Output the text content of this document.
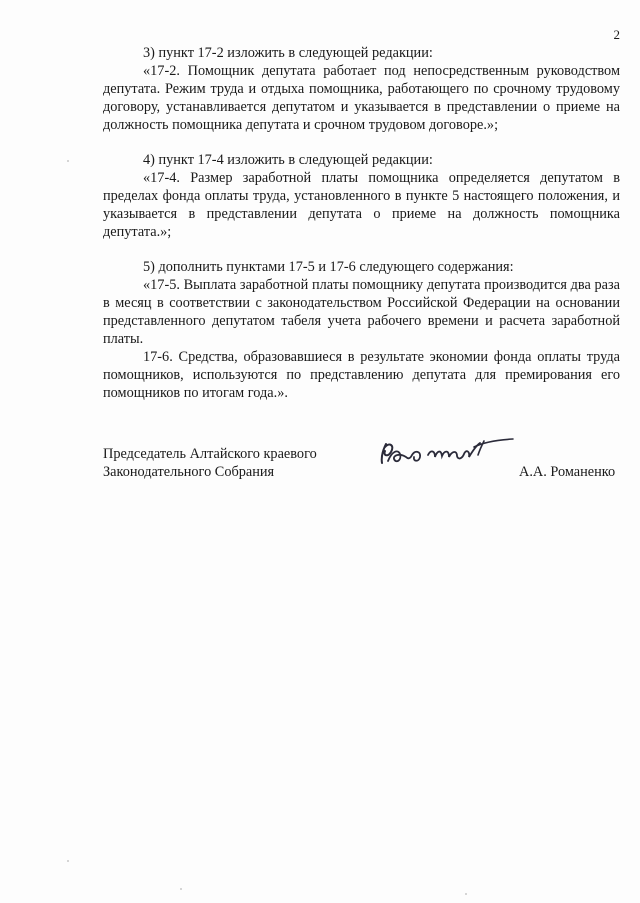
2

3) пункт 17-2 изложить в следующей редакции:

«17-2. Помощник депутата работает под непосредственным руководством депутата. Режим труда и отдыха помощника, работающего по срочному трудовому договору, устанавливается депутатом и указывается в представлении о приеме на должность помощника депутата и срочном трудовом договоре.»;

4) пункт 17-4 изложить в следующей редакции:

«17-4. Размер заработной платы помощника определяется депутатом в пределах фонда оплаты труда, установленного в пункте 5 настоящего положения, и указывается в представлении депутата о приеме на должность помощника депутата.»;

5) дополнить пунктами 17-5 и 17-6 следующего содержания:

«17-5. Выплата заработной платы помощнику депутата производится два раза в месяц в соответствии с законодательством Российской Федерации на основании представленного депутатом табеля учета рабочего времени и расчета заработной платы.

17-6. Средства, образовавшиеся в результате экономии фонда оплаты труда помощников, используются по представлению депутата для премирования его помощников по итогам года.».

Председатель Алтайского краевого
Законодательного Собрания	А.А. Романенко
